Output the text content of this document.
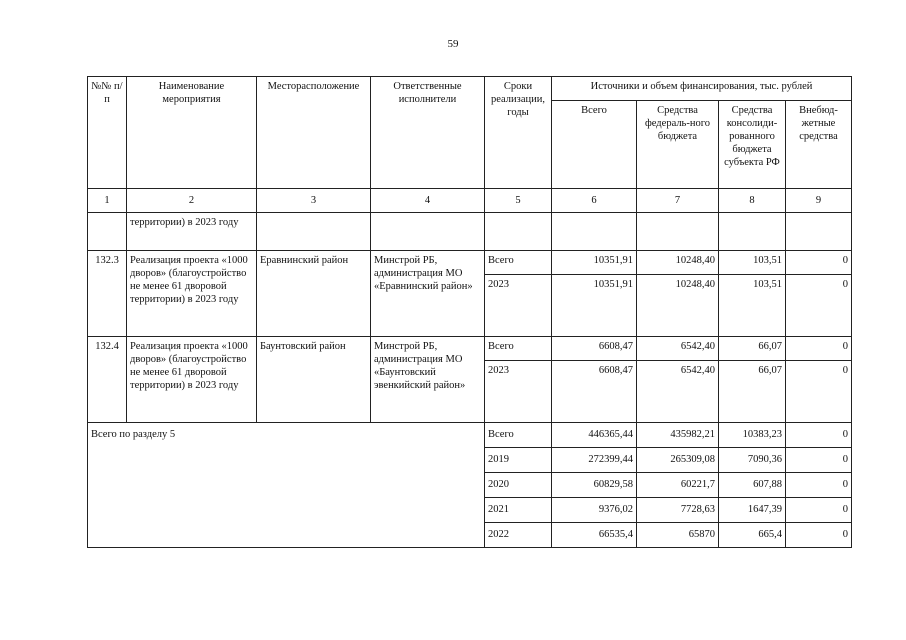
59
№№ п/п	Наименование мероприятия	Месторасположение	Ответственные исполнители	Сроки реализации, годы	Источники и объем финансирования, тыс. рублей			
					Всего	Средства федераль-ного бюджета	Средства консолиди-рованного бюджета субъекта РФ	Внебюд-жетные средства
1	2	3	4	5	6	7	8	9
	территории) в 2023 году							
132.3	Реализация проекта «1000 дворов» (благоустройство не менее 61 дворовой территории) в 2023 году	Еравнинский район	Минстрой РБ, администрация МО «Еравнинский район»	Всего	10351,91	10248,40	103,51	0
				2023	10351,91	10248,40	103,51	0
132.4	Реализация проекта «1000 дворов» (благоустройство не менее 61 дворовой территории) в 2023 году	Баунтовский район	Минстрой РБ, администрация МО «Баунтовский эвенкийский район»	Всего	6608,47	6542,40	66,07	0
				2023	6608,47	6542,40	66,07	0
Всего по разделу 5				Всего	446365,44	435982,21	10383,23	0
				2019	272399,44	265309,08	7090,36	0
				2020	60829,58	60221,7	607,88	0
				2021	9376,02	7728,63	1647,39	0
				2022	66535,4	65870	665,4	0
